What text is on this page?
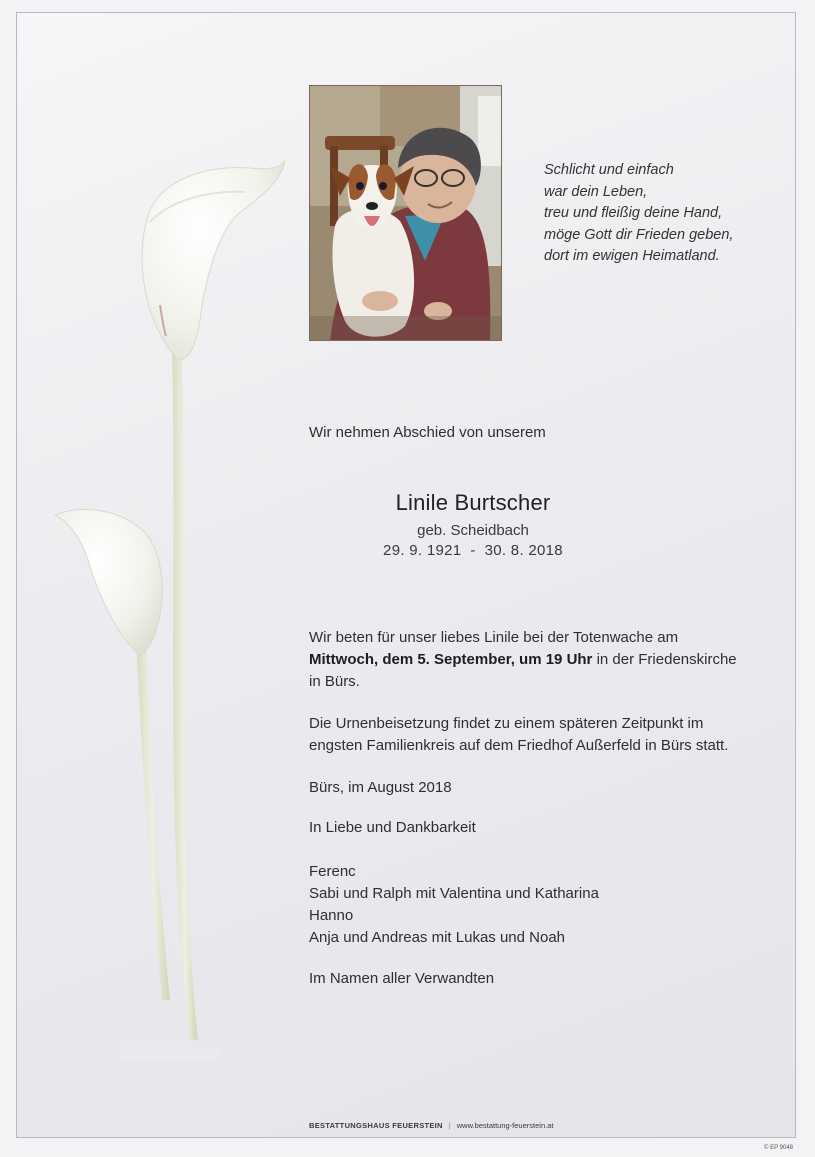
Schlicht und einfach
war dein Leben,
treu und fleißig deine Hand,
möge Gott dir Frieden geben,
dort im ewigen Heimatland.
Wir nehmen Abschied von unserem
Linile Burtscher
geb. Scheidbach
29. 9. 1921  -  30. 8. 2018
Wir beten für unser liebes Linile bei der Totenwache am
Mittwoch, dem 5. September, um 19 Uhr in der Friedenskirche
in Bürs.
Die Urnenbeisetzung findet zu einem späteren Zeitpunkt im
engsten Familienkreis auf dem Friedhof Außerfeld in Bürs statt.
Bürs, im August 2018
In Liebe und Dankbarkeit
Ferenc
Sabi und Ralph mit Valentina und Katharina
Hanno
Anja und Andreas mit Lukas und Noah
Im Namen aller Verwandten
BESTATTUNGSHAUS FEUERSTEIN | www.bestattung-feuerstein.at
© EP 9048
